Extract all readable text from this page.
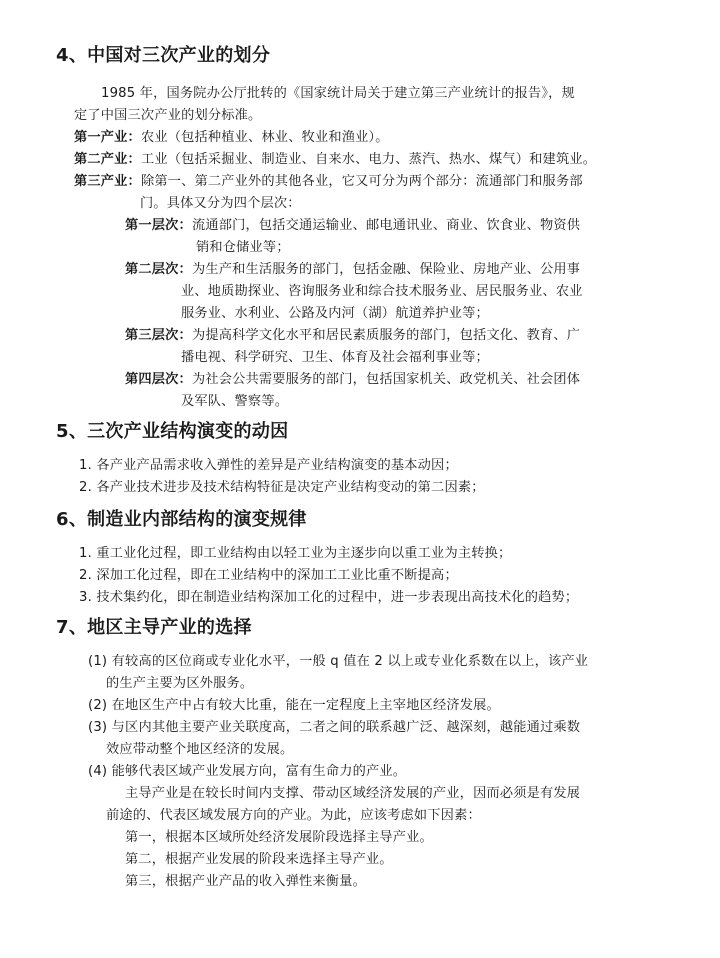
4、中国对三次产业的划分

1985 年，国务院办公厅批转的《国家统计局关于建立第三产业统计的报告》，规

定了中国三次产业的划分标准。

第一产业：农业（包括种植业、林业、牧业和渔业）。

第二产业：工业（包括采掘业、制造业、自来水、电力、蒸汽、热水、煤气）和建筑业。

第三产业：除第一、第二产业外的其他各业，它又可分为两个部分：流通部门和服务部

门。具体又分为四个层次：

第一层次：流通部门，包括交通运输业、邮电通讯业、商业、饮食业、物资供

销和仓储业等；

第二层次：为生产和生活服务的部门，包括金融、保险业、房地产业、公用事

业、地质勘探业、咨询服务业和综合技术服务业、居民服务业、农业

服务业、水利业、公路及内河（湖）航道养护业等；

第三层次：为提高科学文化水平和居民素质服务的部门，包括文化、教育、广

播电视、科学研究、卫生、体育及社会福利事业等；

第四层次：为社会公共需要服务的部门，包括国家机关、政党机关、社会团体

及军队、警察等。

5、三次产业结构演变的动因

1. 各产业产品需求收入弹性的差异是产业结构演变的基本动因；

2. 各产业技术进步及技术结构特征是决定产业结构变动的第二因素；

6、制造业内部结构的演变规律

1. 重工业化过程，即工业结构由以轻工业为主逐步向以重工业为主转换；

2. 深加工化过程，即在工业结构中的深加工工业比重不断提高；

3. 技术集约化，即在制造业结构深加工化的过程中，进一步表现出高技术化的趋势；

7、地区主导产业的选择

(1) 有较高的区位商或专业化水平，一般 q 值在 2 以上或专业化系数在以上，该产业

的生产主要为区外服务。

(2) 在地区生产中占有较大比重，能在一定程度上主宰地区经济发展。

(3) 与区内其他主要产业关联度高，二者之间的联系越广泛、越深刻，越能通过乘数

效应带动整个地区经济的发展。

(4) 能够代表区域产业发展方向，富有生命力的产业。

主导产业是在较长时间内支撑、带动区域经济发展的产业，因而必须是有发展

前途的、代表区域发展方向的产业。为此，应该考虑如下因素：

第一，根据本区域所处经济发展阶段选择主导产业。

第二，根据产业发展的阶段来选择主导产业。

第三，根据产业产品的收入弹性来衡量。
